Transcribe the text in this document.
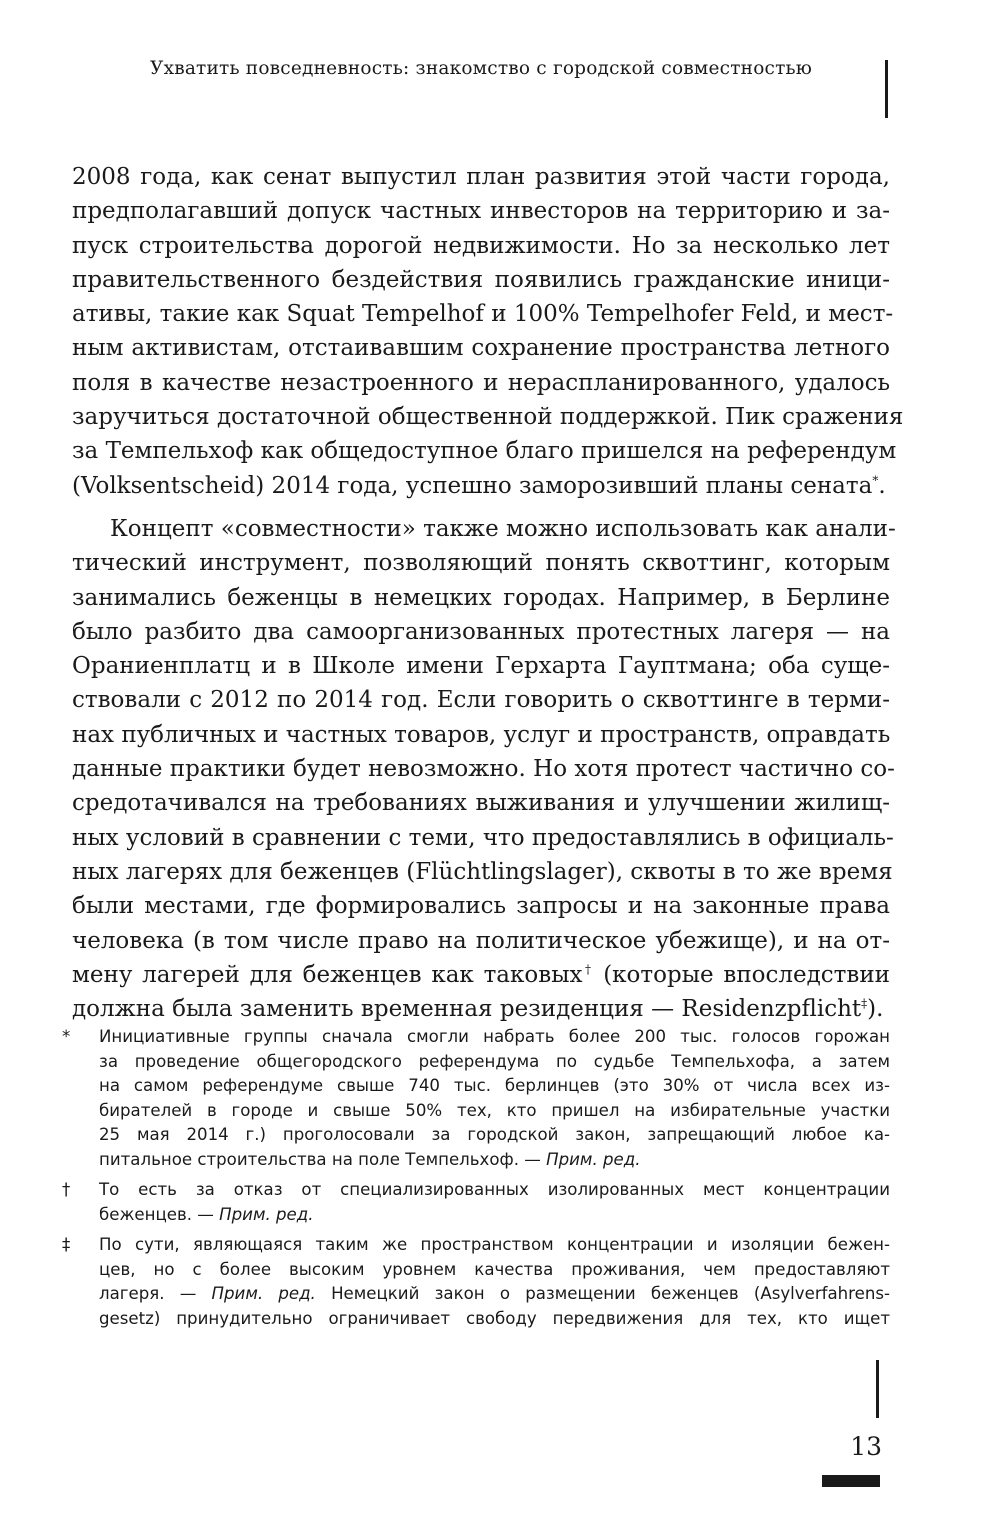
Ухватить повседневность: знакомство с городской совместностью
2008 года, как сенат выпустил план развития этой части города,
предполагавший допуск частных инвесторов на территорию и за-
пуск строительства дорогой недвижимости. Но за несколько лет
правительственного бездействия появились гражданские иници-
ативы, такие как Squat Tempelhof и 100% Tempelhofer Feld, и мест-
ным активистам, отстаивавшим сохранение пространства летного
поля в качестве незастроенного и нераспланированного, удалось
заручиться достаточной общественной поддержкой. Пик сражения
за Темпельхоф как общедоступное благо пришелся на референдум
(Volksentscheid) 2014 года, успешно заморозивший планы сената*.
Концепт «совместности» также можно использовать как анали-
тический инструмент, позволяющий понять сквоттинг, которым
занимались беженцы в немецких городах. Например, в Берлине
было разбито два самоорганизованных протестных лагеря — на
Ораниенплатц и в Школе имени Герхарта Гауптмана; оба суще-
ствовали с 2012 по 2014 год. Если говорить о сквоттинге в терми-
нах публичных и частных товаров, услуг и пространств, оправдать
данные практики будет невозможно. Но хотя протест частично со-
средотачивался на требованиях выживания и улучшении жилищ-
ных условий в сравнении с теми, что предоставлялись в официаль-
ных лагерях для беженцев (Flüchtlingslager), сквоты в то же время
были местами, где формировались запросы и на законные права
человека (в том числе право на политическое убежище), и на от-
мену лагерей для беженцев как таковых† (которые впоследствии
должна была заменить временная резиденция — Residenzpflicht‡).
*	Инициативные группы сначала смогли набрать более 200 тыс. голосов горожан
за проведение общегородского референдума по судьбе Темпельхофа, а затем
на самом референдуме свыше 740 тыс. берлинцев (это 30% от числа всех из-
бирателей в городе и свыше 50% тех, кто пришел на избирательные участки
25 мая 2014 г.) проголосовали за городской закон, запрещающий любое ка-
питальное строительства на поле Темпельхоф. — Прим. ред.
†	То есть за отказ от специализированных изолированных мест концентрации
беженцев. — Прим. ред.
‡	По сути, являющаяся таким же пространством концентрации и изоляции бежен-
цев, но с более высоким уровнем качества проживания, чем предоставляют
лагеря. — Прим. ред. Немецкий закон о размещении беженцев (Asylverfahrens-
gesetz) принудительно ограничивает свободу передвижения для тех, кто ищет
13
